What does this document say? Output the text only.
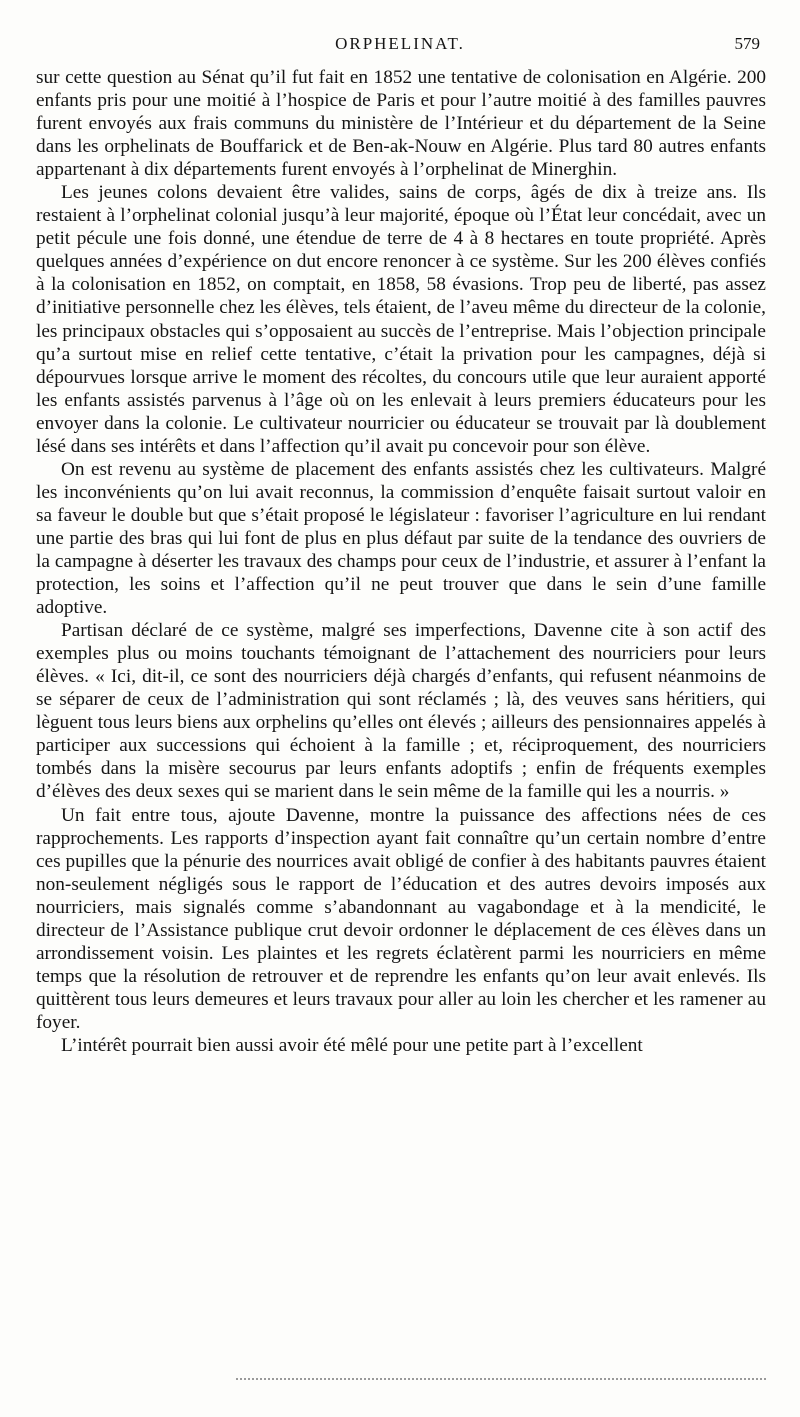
ORPHELINAT.	579

sur cette question au Sénat qu’il fut fait en 1852 une tentative de colonisation en Algérie. 200 enfants pris pour une moitié à l’hospice de Paris et pour l’autre moitié à des familles pauvres furent envoyés aux frais communs du ministère de l’Intérieur et du département de la Seine dans les orphelinats de Bouffarick et de Ben-ak-Nouw en Algérie. Plus tard 80 autres enfants appartenant à dix départements furent envoyés à l’orphelinat de Minerghin.

Les jeunes colons devaient être valides, sains de corps, âgés de dix à treize ans. Ils restaient à l’orphelinat colonial jusqu’à leur majorité, époque où l’État leur concédait, avec un petit pécule une fois donné, une étendue de terre de 4 à 8 hectares en toute propriété. Après quelques années d’expérience on dut encore renoncer à ce système. Sur les 200 élèves confiés à la colonisation en 1852, on comptait, en 1858, 58 évasions. Trop peu de liberté, pas assez d’initiative personnelle chez les élèves, tels étaient, de l’aveu même du directeur de la colonie, les principaux obstacles qui s’opposaient au succès de l’entreprise. Mais l’objection principale qu’a surtout mise en relief cette tentative, c’était la privation pour les campagnes, déjà si dépourvues lorsque arrive le moment des récoltes, du concours utile que leur auraient apporté les enfants assistés parvenus à l’âge où on les enlevait à leurs premiers éducateurs pour les envoyer dans la colonie. Le cultivateur nourricier ou éducateur se trouvait par là doublement lésé dans ses intérêts et dans l’affection qu’il avait pu concevoir pour son élève.

On est revenu au système de placement des enfants assistés chez les cultivateurs. Malgré les inconvénients qu’on lui avait reconnus, la commission d’enquête faisait surtout valoir en sa faveur le double but que s’était proposé le législateur : favoriser l’agriculture en lui rendant une partie des bras qui lui font de plus en plus défaut par suite de la tendance des ouvriers de la campagne à déserter les travaux des champs pour ceux de l’industrie, et assurer à l’enfant la protection, les soins et l’affection qu’il ne peut trouver que dans le sein d’une famille adoptive.

Partisan déclaré de ce système, malgré ses imperfections, Davenne cite à son actif des exemples plus ou moins touchants témoignant de l’attachement des nourriciers pour leurs élèves. « Ici, dit-il, ce sont des nourriciers déjà chargés d’enfants, qui refusent néanmoins de se séparer de ceux de l’administration qui sont réclamés ; là, des veuves sans héritiers, qui lèguent tous leurs biens aux orphelins qu’elles ont élevés ; ailleurs des pensionnaires appelés à participer aux successions qui échoient à la famille ; et, réciproquement, des nourriciers tombés dans la misère secourus par leurs enfants adoptifs ; enfin de fréquents exemples d’élèves des deux sexes qui se marient dans le sein même de la famille qui les a nourris. »

Un fait entre tous, ajoute Davenne, montre la puissance des affections nées de ces rapprochements. Les rapports d’inspection ayant fait connaître qu’un certain nombre d’entre ces pupilles que la pénurie des nourrices avait obligé de confier à des habitants pauvres étaient non-seulement négligés sous le rapport de l’éducation et des autres devoirs imposés aux nourriciers, mais signalés comme s’abandonnant au vagabondage et à la mendicité, le directeur de l’Assistance publique crut devoir ordonner le déplacement de ces élèves dans un arrondissement voisin. Les plaintes et les regrets éclatèrent parmi les nourriciers en même temps que la résolution de retrouver et de reprendre les enfants qu’on leur avait enlevés. Ils quittèrent tous leurs demeures et leurs travaux pour aller au loin les chercher et les ramener au foyer.

L’intérêt pourrait bien aussi avoir été mêlé pour une petite part à l’excellent
